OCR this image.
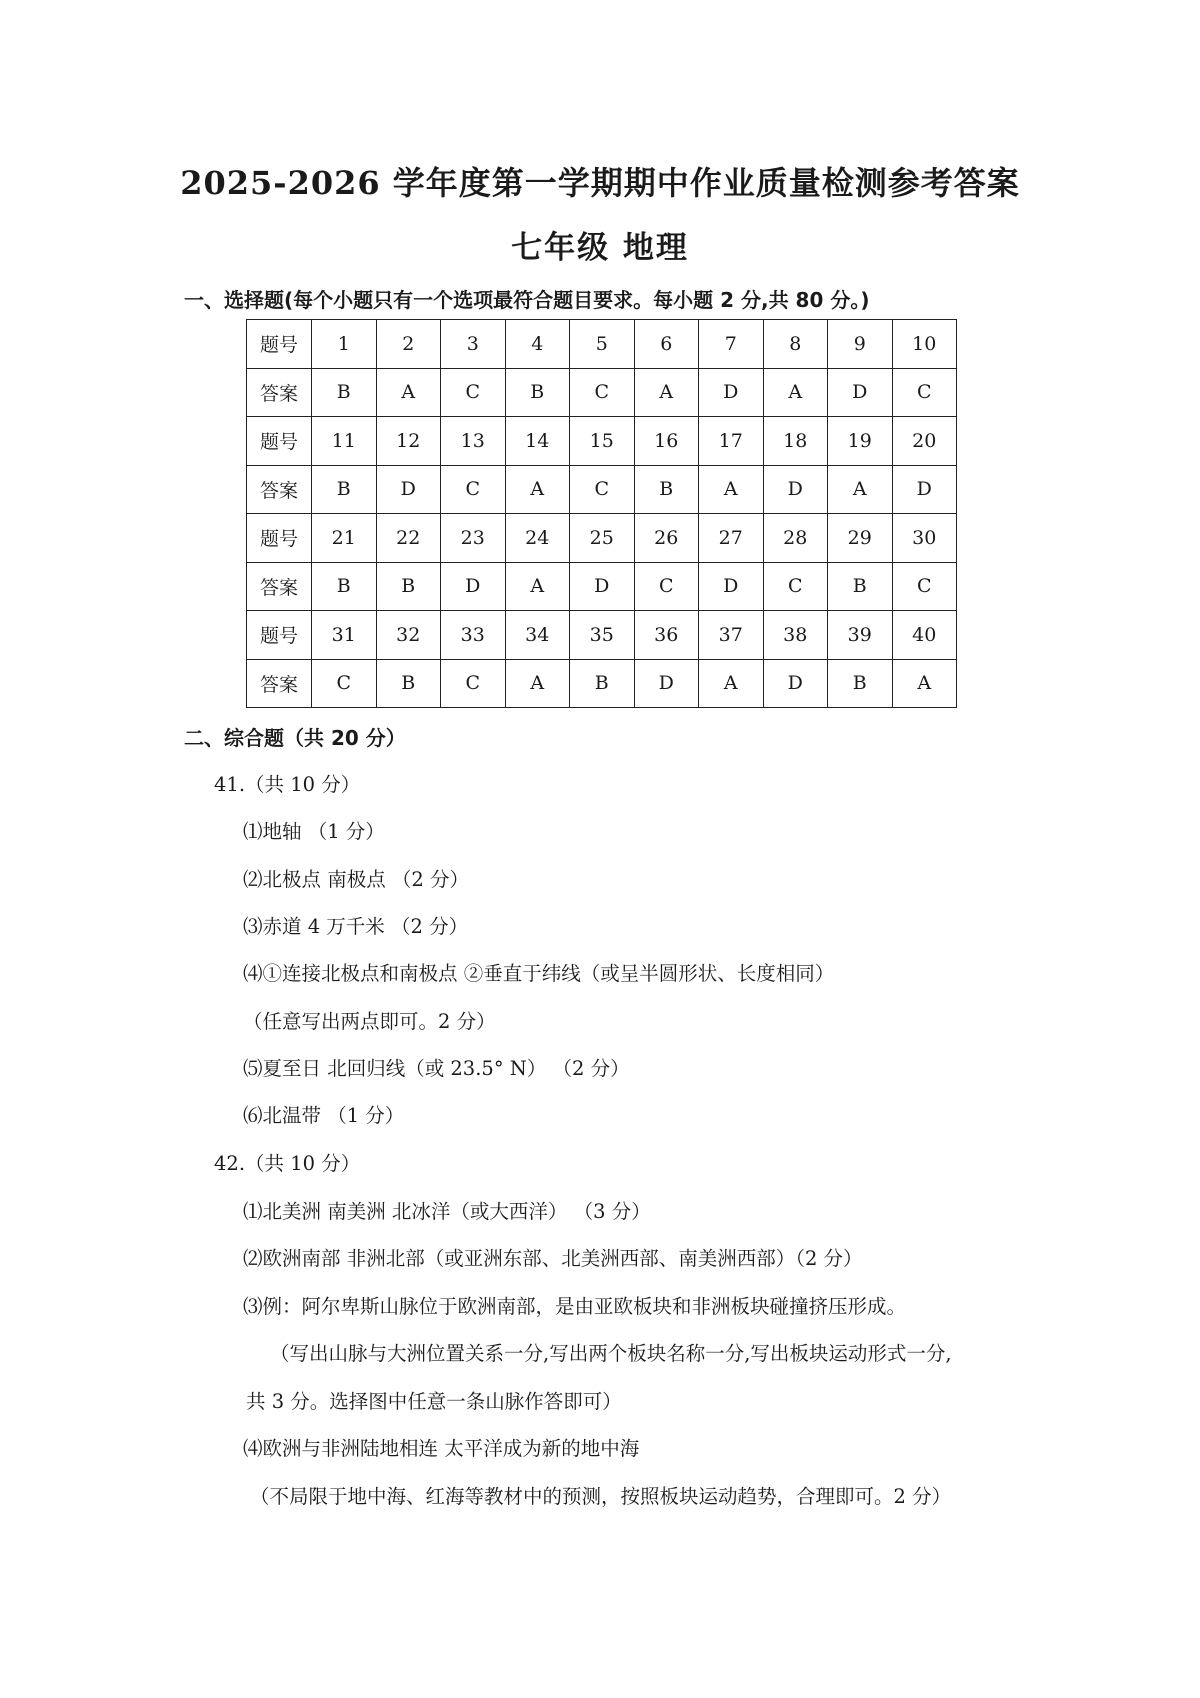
2025-2026 学年度第一学期期中作业质量检测参考答案
七年级 地理
一、选择题(每个小题只有一个选项最符合题目要求。每小题 2 分,共 80 分。)
题号	1	2	3	4	5	6	7	8	9	10
答案	B	A	C	B	C	A	D	A	D	C
题号	11	12	13	14	15	16	17	18	19	20
答案	B	D	C	A	C	B	A	D	A	D
题号	21	22	23	24	25	26	27	28	29	30
答案	B	B	D	A	D	C	D	C	B	C
题号	31	32	33	34	35	36	37	38	39	40
答案	C	B	C	A	B	D	A	D	B	A
二、综合题（共 20 分）
41.（共 10 分）
⑴地轴 （1 分）
⑵北极点 南极点 （2 分）
⑶赤道 4 万千米 （2 分）
⑷①连接北极点和南极点 ②垂直于纬线（或呈半圆形状、长度相同）
（任意写出两点即可。2 分）
⑸夏至日 北回归线（或 23.5° N） （2 分）
⑹北温带 （1 分）
42.（共 10 分）
⑴北美洲 南美洲 北冰洋（或大西洋） （3 分）
⑵欧洲南部 非洲北部（或亚洲东部、北美洲西部、南美洲西部）（2 分）
⑶例：阿尔卑斯山脉位于欧洲南部，是由亚欧板块和非洲板块碰撞挤压形成。
（写出山脉与大洲位置关系一分,写出两个板块名称一分,写出板块运动形式一分,
共 3 分。选择图中任意一条山脉作答即可）
⑷欧洲与非洲陆地相连 太平洋成为新的地中海
（不局限于地中海、红海等教材中的预测，按照板块运动趋势，合理即可。2 分）
